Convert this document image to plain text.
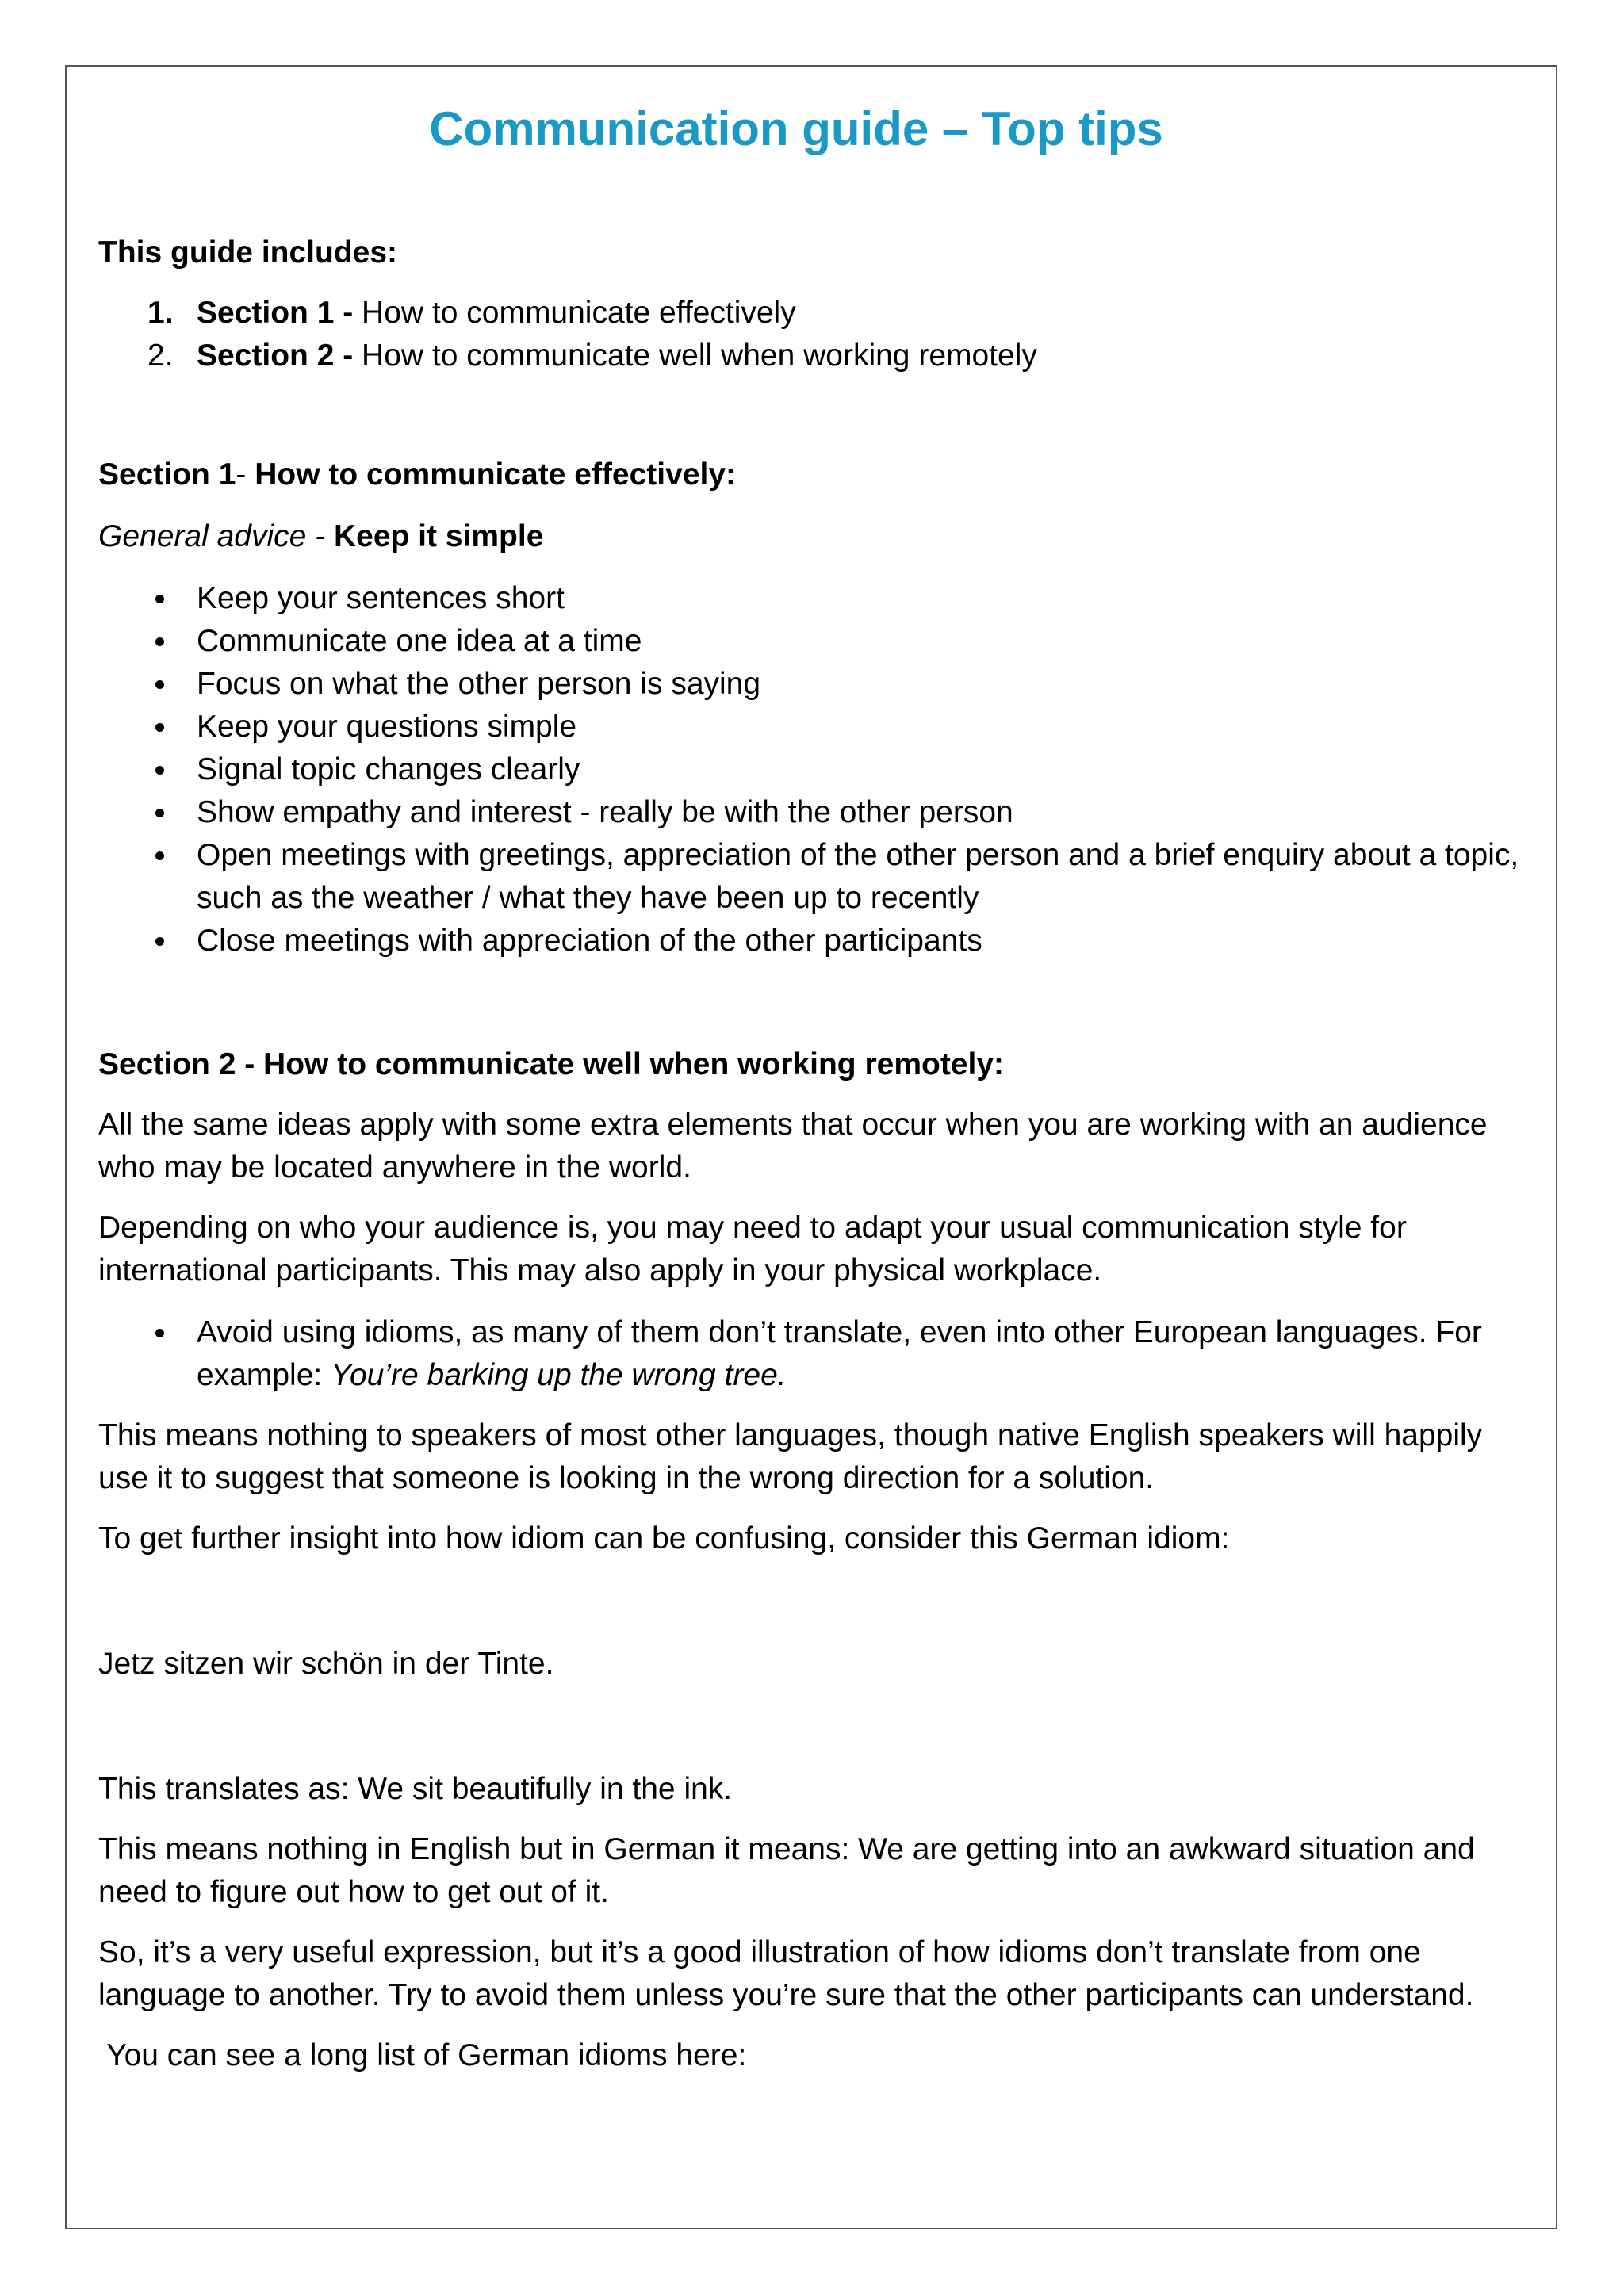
Communication guide – Top tips

This guide includes:

1. Section 1 - How to communicate effectively
2. Section 2 - How to communicate well when working remotely

Section 1- How to communicate effectively:

General advice - Keep it simple

Keep your sentences short
Communicate one idea at a time
Focus on what the other person is saying
Keep your questions simple
Signal topic changes clearly
Show empathy and interest - really be with the other person
Open meetings with greetings, appreciation of the other person and a brief enquiry about a topic, such as the weather / what they have been up to recently
Close meetings with appreciation of the other participants

Section 2 - How to communicate well when working remotely:

All the same ideas apply with some extra elements that occur when you are working with an audience who may be located anywhere in the world.

Depending on who your audience is, you may need to adapt your usual communication style for international participants. This may also apply in your physical workplace.

Avoid using idioms, as many of them don’t translate, even into other European languages. For example: You’re barking up the wrong tree.

This means nothing to speakers of most other languages, though native English speakers will happily use it to suggest that someone is looking in the wrong direction for a solution.

To get further insight into how idiom can be confusing, consider this German idiom:

Jetz sitzen wir schön in der Tinte.

This translates as: We sit beautifully in the ink.

This means nothing in English but in German it means: We are getting into an awkward situation and need to figure out how to get out of it.

So, it’s a very useful expression, but it’s a good illustration of how idioms don’t translate from one language to another. Try to avoid them unless you’re sure that the other participants can understand.

You can see a long list of German idioms here:
